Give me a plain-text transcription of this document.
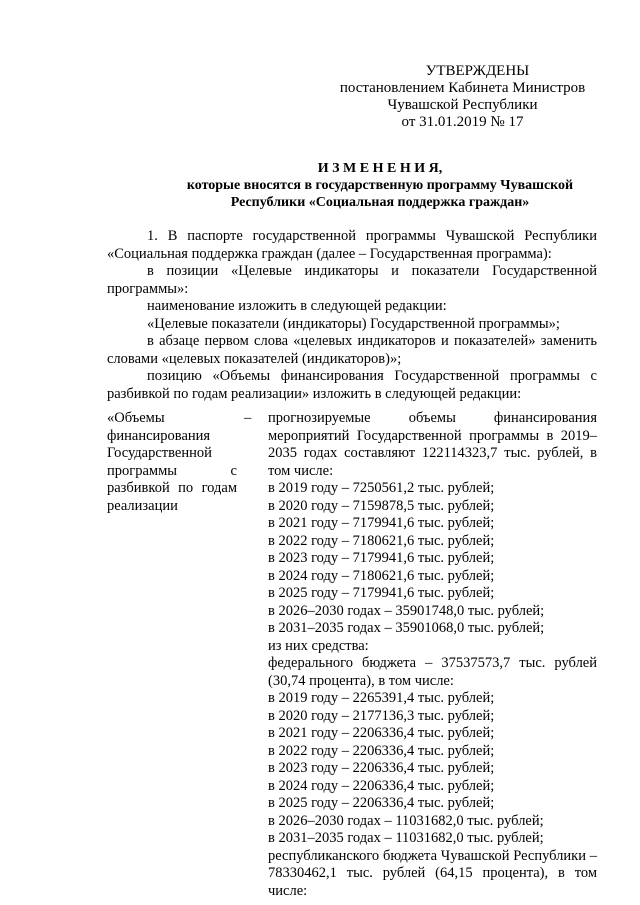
УТВЕРЖДЕНЫ
постановлением Кабинета Министров
Чувашской Республики
от 31.01.2019 № 17
И З М Е Н Е Н И Я,
которые вносятся в государственную программу Чувашской Республики «Социальная поддержка граждан»

1. В паспорте государственной программы Чувашской Республики «Социальная поддержка граждан (далее – Государственная программа):

в позиции «Целевые индикаторы и показатели Государственной программы»:

наименование изложить в следующей редакции:

«Целевые показатели (индикаторы) Государственной программы»;

в абзаце первом слова «целевых индикаторов и показателей» заменить словами «целевых показателей (индикаторов)»;

позицию «Объемы финансирования Государственной программы с разбивкой по годам реализации» изложить в следующей редакции:

«Объемы финансирования Государственной программы с разбивкой по годам реализации
– прогнозируемые объемы финансирования мероприятий Государственной программы в 2019–2035 годах составляют 122114323,7 тыс. рублей, в том числе:
в 2019 году – 7250561,2 тыс. рублей;
в 2020 году – 7159878,5 тыс. рублей;
в 2021 году – 7179941,6 тыс. рублей;
в 2022 году – 7180621,6 тыс. рублей;
в 2023 году – 7179941,6 тыс. рублей;
в 2024 году – 7180621,6 тыс. рублей;
в 2025 году – 7179941,6 тыс. рублей;
в 2026–2030 годах – 35901748,0 тыс. рублей;
в 2031–2035 годах – 35901068,0 тыс. рублей;
из них средства:
федерального бюджета – 37537573,7 тыс. рублей (30,74 процента), в том числе:
в 2019 году – 2265391,4 тыс. рублей;
в 2020 году – 2177136,3 тыс. рублей;
в 2021 году – 2206336,4 тыс. рублей;
в 2022 году – 2206336,4 тыс. рублей;
в 2023 году – 2206336,4 тыс. рублей;
в 2024 году – 2206336,4 тыс. рублей;
в 2025 году – 2206336,4 тыс. рублей;
в 2026–2030 годах – 11031682,0 тыс. рублей;
в 2031–2035 годах – 11031682,0 тыс. рублей;
республиканского бюджета Чувашской Республики – 78330462,1 тыс. рублей (64,15 процента), в том числе:
